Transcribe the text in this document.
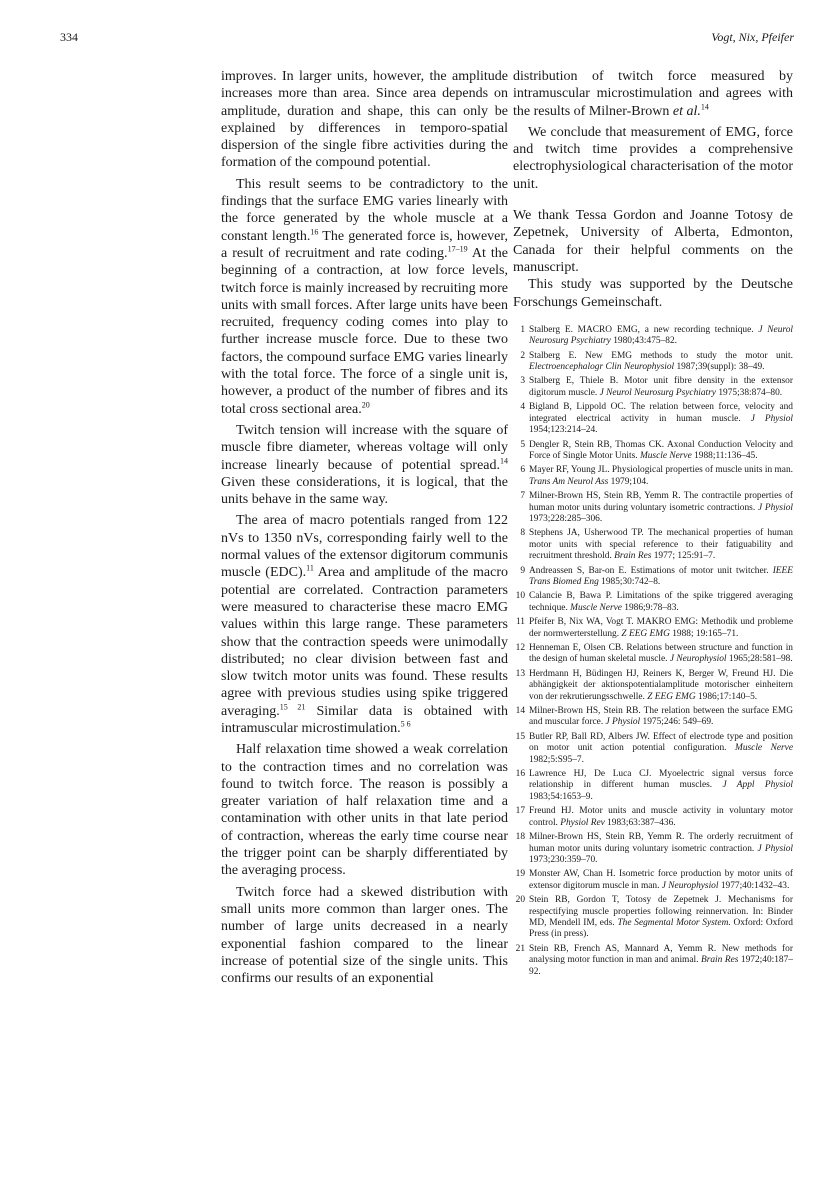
334	Vogt, Nix, Pfeifer

improves. In larger units, however, the amplitude increases more than area. Since area depends on amplitude, duration and shape, this can only be explained by differences in temporo-spatial dispersion of the single fibre activities during the formation of the compound potential.

This result seems to be contradictory to the findings that the surface EMG varies linearly with the force generated by the whole muscle at a constant length.$^{16}$ The generated force is, however, a result of recruitment and rate coding.$^{17-19}$ At the beginning of a contraction, at low force levels, twitch force is mainly increased by recruiting more units with small forces. After large units have been recruited, frequency coding comes into play to further increase muscle force. Due to these two factors, the compound surface EMG varies linearly with the total force. The force of a single unit is, however, a product of the number of fibres and its total cross sectional area.$^{20}$

Twitch tension will increase with the square of muscle fibre diameter, whereas voltage will only increase linearly because of potential spread.$^{14}$ Given these considerations, it is logical, that the units behave in the same way.

The area of macro potentials ranged from 122 nVs to 1350 nVs, corresponding fairly well to the normal values of the extensor digitorum communis muscle (EDC).$^{11}$ Area and amplitude of the macro potential are correlated. Contraction parameters were measured to characterise these macro EMG values within this large range. These parameters show that the contraction speeds were unimodally distributed; no clear division between fast and slow twitch motor units was found. These results agree with previous studies using spike triggered averaging.$^{15 21}$ Similar data is obtained with intramuscular microstimulation.$^{5 6}$

Half relaxation time showed a weak correlation to the contraction times and no correlation was found to twitch force. The reason is possibly a greater variation of half relaxation time and a contamination with other units in that late period of contraction, whereas the early time course near the trigger point can be sharply differentiated by the averaging process.

Twitch force had a skewed distribution with small units more common than larger ones. The number of large units decreased in a nearly exponential fashion compared to the linear increase of potential size of the single units. This confirms our results of an exponential

distribution of twitch force measured by intramuscular microstimulation and agrees with the results of Milner-Brown et al.$^{14}$

We conclude that measurement of EMG, force and twitch time provides a comprehensive electrophysiological characterisation of the motor unit.

We thank Tessa Gordon and Joanne Totosy de Zepetnek, University of Alberta, Edmonton, Canada for their helpful comments on the manuscript.

This study was supported by the Deutsche Forschungs Gemeinschaft.

1 Stalberg E. MACRO EMG, a new recording technique. J Neurol Neurosurg Psychiatry 1980;43:475–82.
2 Stalberg E. New EMG methods to study the motor unit. Electroencephalogr Clin Neurophysiol 1987;39(suppl): 38–49.
3 Stalberg E, Thiele B. Motor unit fibre density in the extensor digitorum muscle. J Neurol Neurosurg Psychiatry 1975;38:874–80.
4 Bigland B, Lippold OC. The relation between force, velocity and integrated electrical activity in human muscle. J Physiol 1954;123:214–24.
5 Dengler R, Stein RB, Thomas CK. Axonal Conduction Velocity and Force of Single Motor Units. Muscle Nerve 1988;11:136–45.
6 Mayer RF, Young JL. Physiological properties of muscle units in man. Trans Am Neurol Ass 1979;104.
7 Milner-Brown HS, Stein RB, Yemm R. The contractile properties of human motor units during voluntary isometric contractions. J Physiol 1973;228:285–306.
8 Stephens JA, Usherwood TP. The mechanical properties of human motor units with special reference to their fatiguability and recruitment threshold. Brain Res 1977; 125:91–7.
9 Andreassen S, Bar-on E. Estimations of motor unit twitcher. IEEE Trans Biomed Eng 1985;30:742–8.
10 Calancie B, Bawa P. Limitations of the spike triggered averaging technique. Muscle Nerve 1986;9:78–83.
11 Pfeifer B, Nix WA, Vogt T. MAKRO EMG: Methodik und probleme der normwerterstellung. Z EEG EMG 1988; 19:165–71.
12 Henneman E, Olsen CB. Relations between structure and function in the design of human skeletal muscle. J Neurophysiol 1965;28:581–98.
13 Herdmann H, Büdingen HJ, Reiners K, Berger W, Freund HJ. Die abhängigkeit der aktionspotentialamplitude motorischer einheitern von der rekrutierungsschwelle. Z EEG EMG 1986;17:140–5.
14 Milner-Brown HS, Stein RB. The relation between the surface EMG and muscular force. J Physiol 1975;246: 549–69.
15 Butler RP, Ball RD, Albers JW. Effect of electrode type and position on motor unit action potential configuration. Muscle Nerve 1982;5:S95–7.
16 Lawrence HJ, De Luca CJ. Myoelectric signal versus force relationship in different human muscles. J Appl Physiol 1983;54:1653–9.
17 Freund HJ. Motor units and muscle activity in voluntary motor control. Physiol Rev 1983;63:387–436.
18 Milner-Brown HS, Stein RB, Yemm R. The orderly recruitment of human motor units during voluntary isometric contraction. J Physiol 1973;230:359–70.
19 Monster AW, Chan H. Isometric force production by motor units of extensor digitorum muscle in man. J Neurophysiol 1977;40:1432–43.
20 Stein RB, Gordon T, Totosy de Zepetnek J. Mechanisms for respectifying muscle properties following reinnervation. In: Binder MD, Mendell IM, eds. The Segmental Motor System. Oxford: Oxford Press (in press).
21 Stein RB, French AS, Mannard A, Yemm R. New methods for analysing motor function in man and animal. Brain Res 1972;40:187–92.
